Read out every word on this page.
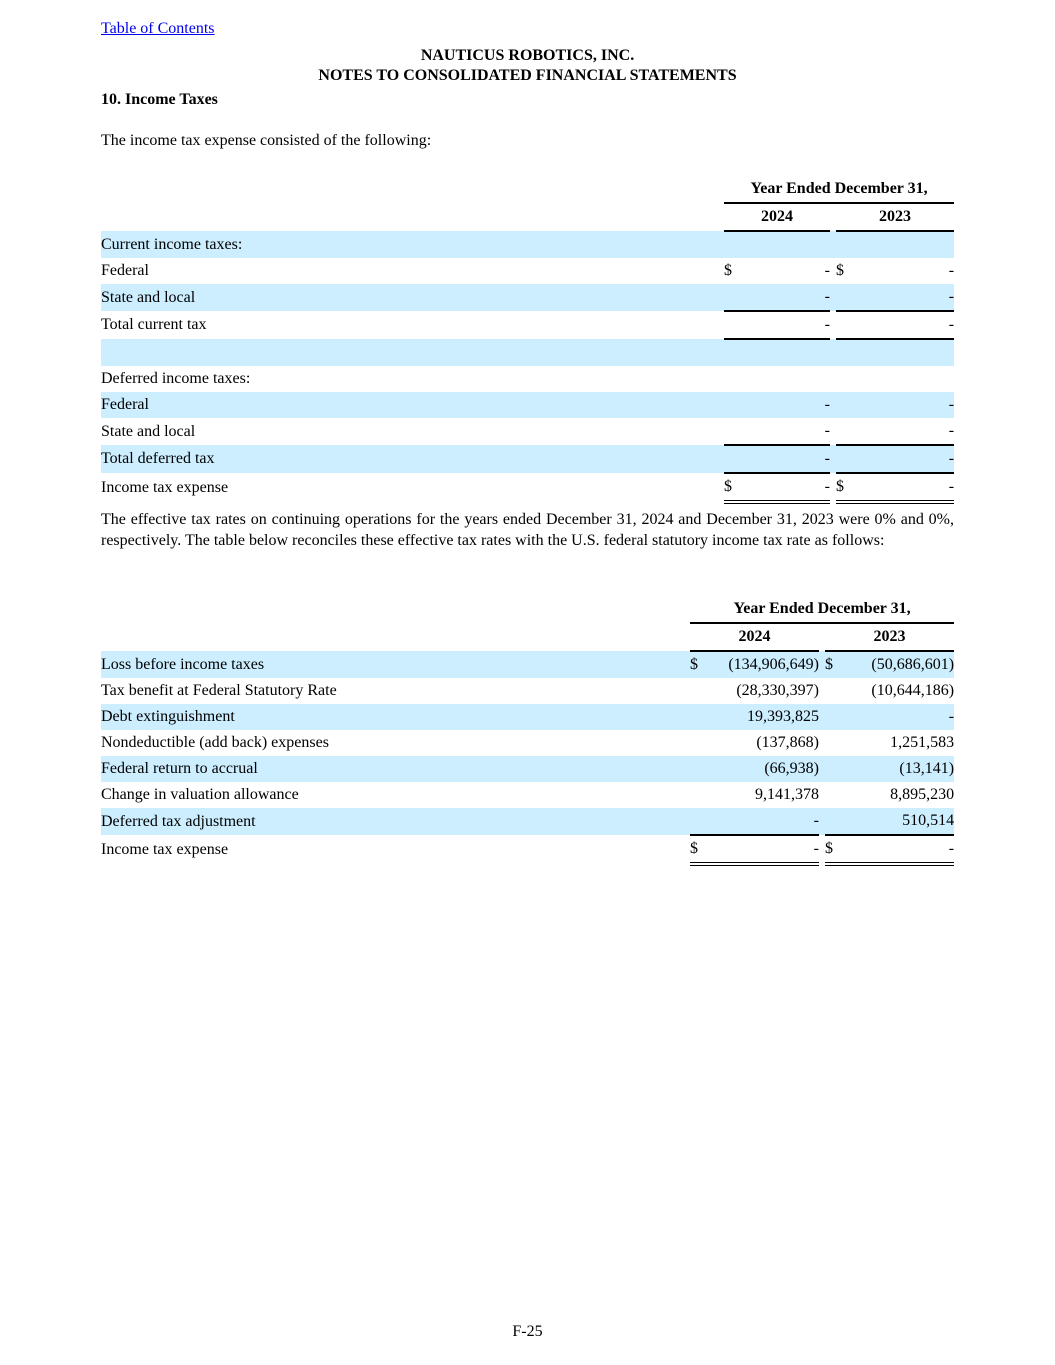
Table of Contents
NAUTICUS ROBOTICS, INC.
NOTES TO CONSOLIDATED FINANCIAL STATEMENTS
10. Income Taxes
The income tax expense consisted of the following:
	Year Ended December 31,				
	2024			2023	
Current income taxes:					
Federal	$	-		$	-
State and local		-			-
Total current tax		-			-

Deferred income taxes:					
Federal		-			-
State and local		-			-
Total deferred tax		-			-
Income tax expense	$	-		$	-
The effective tax rates on continuing operations for the years ended December 31, 2024 and December 31, 2023 were 0% and 0%, respectively. The table below reconciles these effective tax rates with the U.S. federal statutory income tax rate as follows:
	Year Ended December 31,				
	2024			2023	
Loss before income taxes	$	(134,906,649)		$	(50,686,601)
Tax benefit at Federal Statutory Rate		(28,330,397)			(10,644,186)
Debt extinguishment		19,393,825			-
Nondeductible (add back) expenses		(137,868)			1,251,583
Federal return to accrual		(66,938)			(13,141)
Change in valuation allowance		9,141,378			8,895,230
Deferred tax adjustment		-			510,514
Income tax expense	$	-		$	-
F-25
